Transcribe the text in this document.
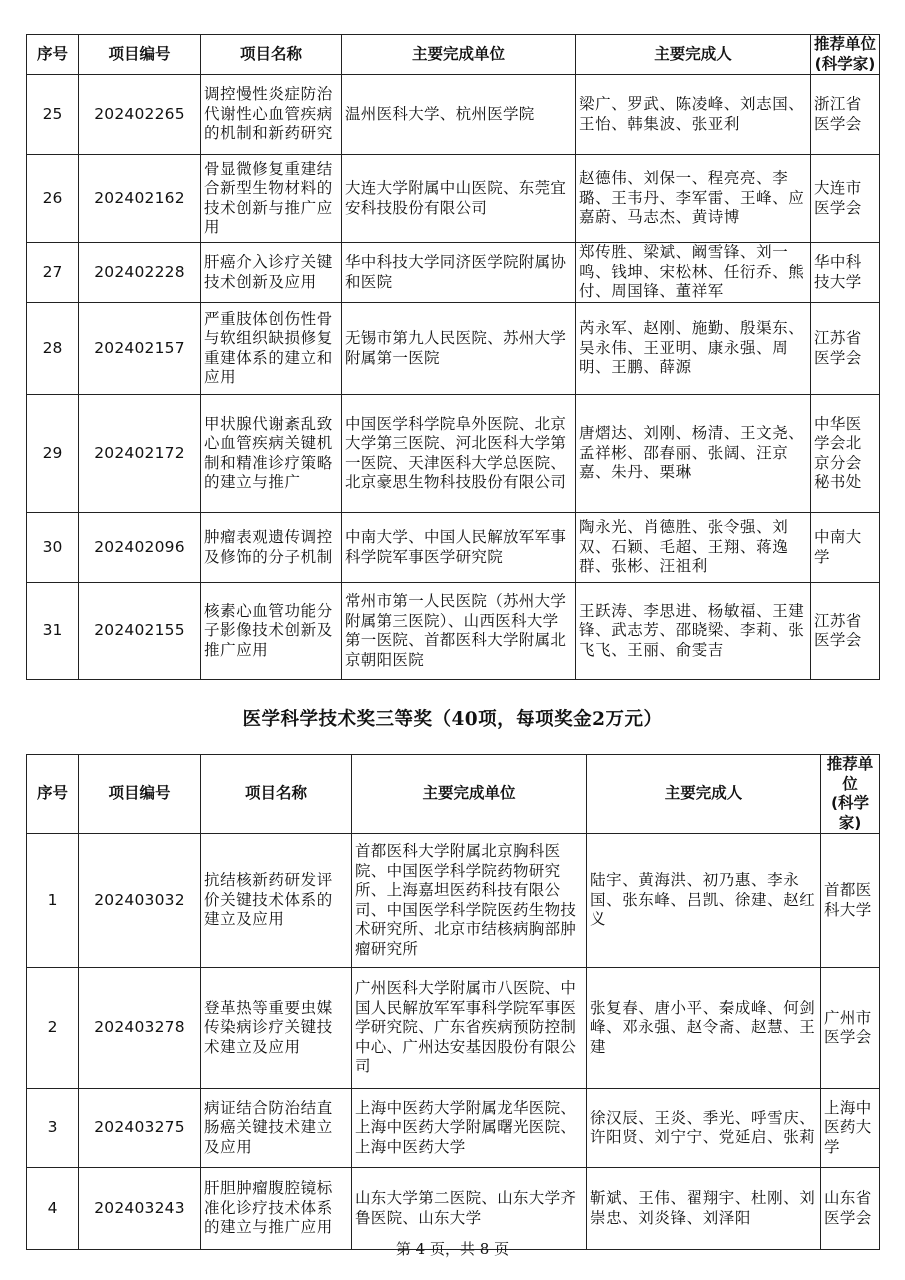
序号	项目编号	项目名称	主要完成单位	主要完成人	推荐单位
(科学家)
25	202402265	调控慢性炎症防治代谢性心血管疾病的机制和新药研究	温州医科大学、杭州医学院	梁广、罗武、陈凌峰、刘志国、王怡、韩集波、张亚利	浙江省医学会
26	202402162	骨显微修复重建结合新型生物材料的技术创新与推广应用	大连大学附属中山医院、东莞宜安科技股份有限公司	赵德伟、刘保一、程亮亮、李璐、王韦丹、李军雷、王峰、应嘉蔚、马志杰、黄诗博	大连市医学会
27	202402228	肝癌介入诊疗关键技术创新及应用	华中科技大学同济医学院附属协和医院	郑传胜、梁斌、阚雪锋、刘一鸣、钱坤、宋松林、任衍乔、熊付、周国锋、董祥军	华中科技大学
28	202402157	严重肢体创伤性骨与软组织缺损修复重建体系的建立和应用	无锡市第九人民医院、苏州大学附属第一医院	芮永军、赵刚、施勤、殷渠东、吴永伟、王亚明、康永强、周明、王鹏、薛源	江苏省医学会
29	202402172	甲状腺代谢紊乱致心血管疾病关键机制和精准诊疗策略的建立与推广	中国医学科学院阜外医院、北京大学第三医院、河北医科大学第一医院、天津医科大学总医院、北京豪思生物科技股份有限公司	唐熠达、刘刚、杨清、王文尧、孟祥彬、邵春丽、张阔、汪京嘉、朱丹、栗琳	中华医学会北京分会秘书处
30	202402096	肿瘤表观遗传调控及修饰的分子机制	中南大学、中国人民解放军军事科学院军事医学研究院	陶永光、肖德胜、张令强、刘双、石颖、毛超、王翔、蒋逸群、张彬、汪祖利	中南大学
31	202402155	核素心血管功能分子影像技术创新及推广应用	常州市第一人民医院（苏州大学附属第三医院）、山西医科大学第一医院、首都医科大学附属北京朝阳医院	王跃涛、李思进、杨敏福、王建锋、武志芳、邵晓梁、李莉、张飞飞、王丽、俞雯吉	江苏省医学会
医学科学技术奖三等奖（40项，每项奖金2万元）
序号	项目编号	项目名称	主要完成单位	主要完成人	推荐单位
(科学家)
1	202403032	抗结核新药研发评价关键技术体系的建立及应用	首都医科大学附属北京胸科医院、中国医学科学院药物研究所、上海嘉坦医药科技有限公司、中国医学科学院医药生物技术研究所、北京市结核病胸部肿瘤研究所	陆宇、黄海洪、初乃惠、李永国、张东峰、吕凯、徐建、赵红义	首都医科大学
2	202403278	登革热等重要虫媒传染病诊疗关键技术建立及应用	广州医科大学附属市八医院、中国人民解放军军事科学院军事医学研究院、广东省疾病预防控制中心、广州达安基因股份有限公司	张复春、唐小平、秦成峰、何剑峰、邓永强、赵令斋、赵慧、王建	广州市医学会
3	202403275	病证结合防治结直肠癌关键技术建立及应用	上海中医药大学附属龙华医院、上海中医药大学附属曙光医院、上海中医药大学	徐汉辰、王炎、季光、呼雪庆、许阳贤、刘宁宁、党延启、张莉	上海中医药大学
4	202403243	肝胆肿瘤腹腔镜标准化诊疗技术体系的建立与推广应用	山东大学第二医院、山东大学齐鲁医院、山东大学	靳斌、王伟、翟翔宇、杜刚、刘崇忠、刘炎锋、刘泽阳	山东省医学会
第 4 页，共 8 页
